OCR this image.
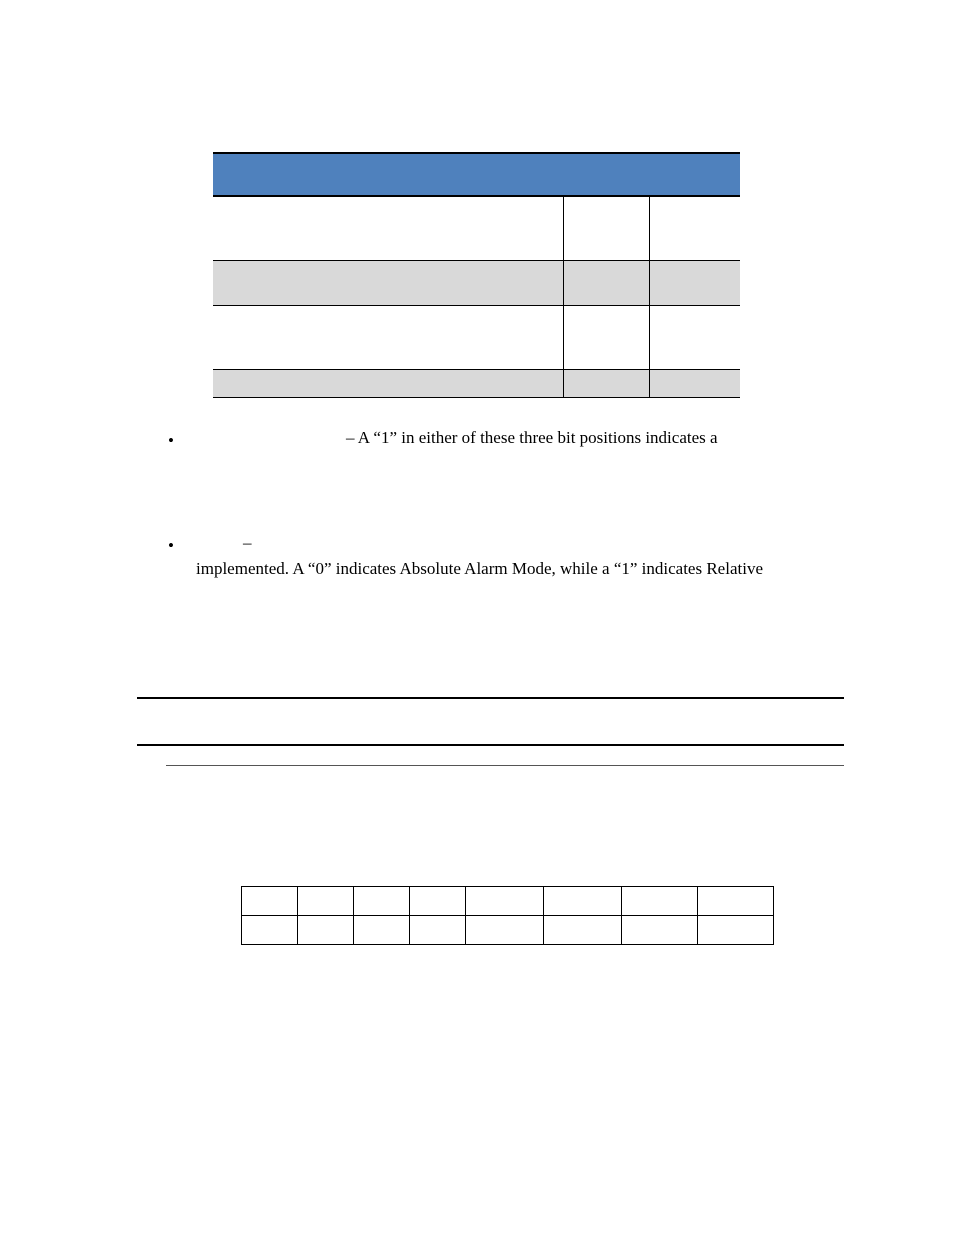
•	– A “1” in either of these three bit positions indicates a
•	–
implemented. A “0” indicates Absolute Alarm Mode, while a “1” indicates Relative
